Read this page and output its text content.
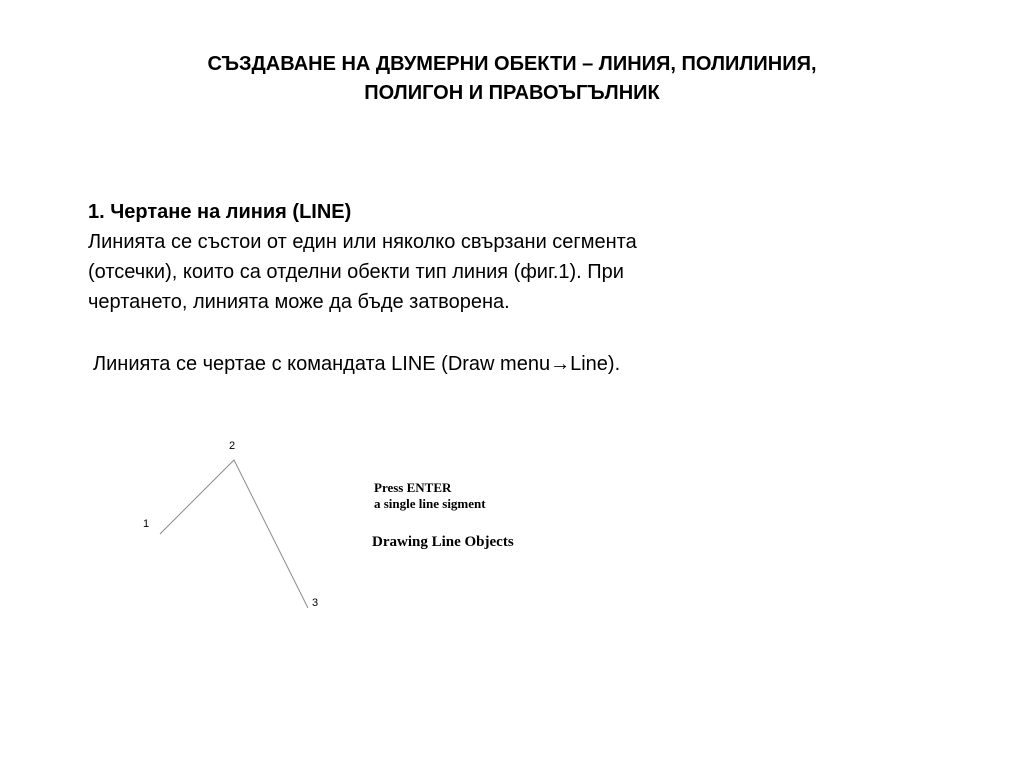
СЪЗДАВАНЕ НА ДВУМЕРНИ ОБЕКТИ – ЛИНИЯ, ПОЛИЛИНИЯ,
ПОЛИГОН И ПРАВОЪГЪЛНИК
1. Чертане на линия (LINE)
Линията се състои от един или няколко свързани сегмента
(отсечки), които са отделни обекти тип линия (фиг.1). При
чертането, линията може да бъде затворена.
Линията се чертае с командата LINE (Draw menu→Line).
1
2
3
Press ENTER
a single line sigment
Drawing Line Objects
